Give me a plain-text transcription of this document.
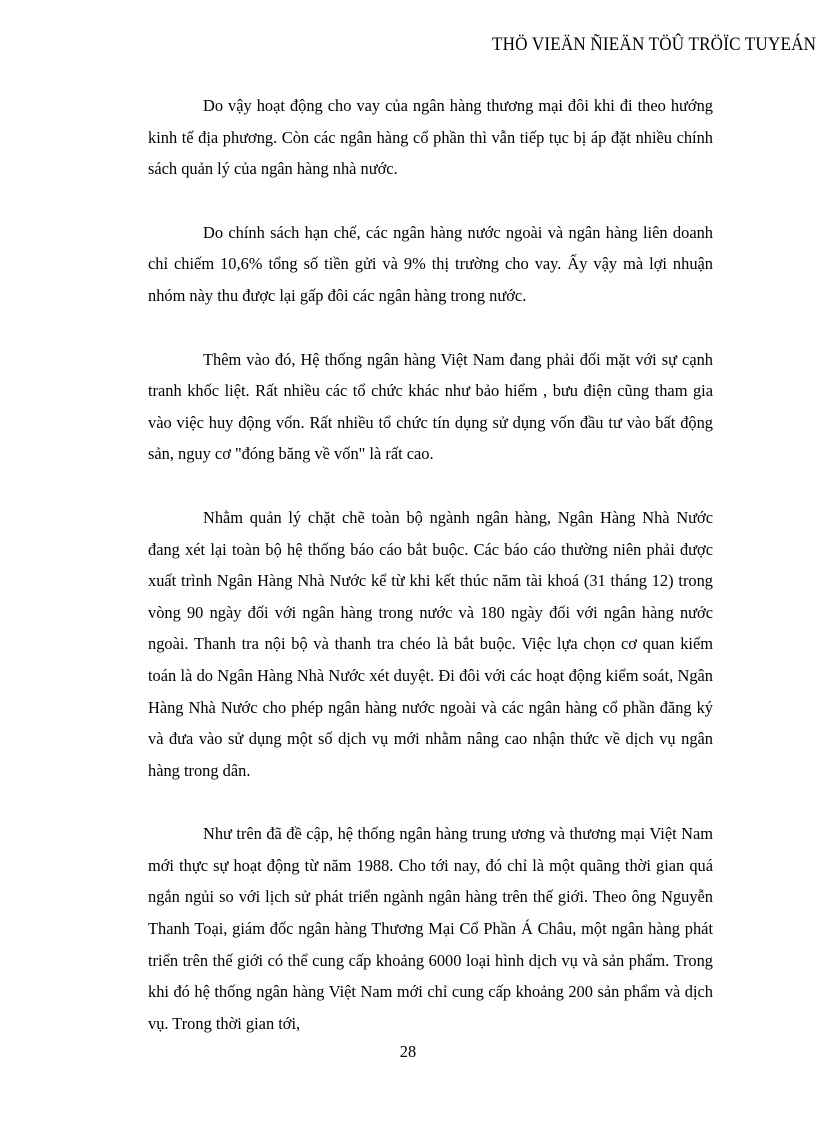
THÖ VIEÄN ÑIEÄN TÖÛ TRÖÏC TUYEÁN

Do vậy hoạt động cho vay của ngân hàng thương mại đôi khi đi theo hướng kinh tế địa phương. Còn các ngân hàng cổ phần thì vẫn tiếp tục bị áp đặt nhiều chính sách quản lý của ngân hàng nhà nước.

Do chính sách hạn chế, các ngân hàng nước ngoài và ngân hàng liên doanh chỉ chiếm 10,6% tổng số tiền gửi và 9% thị trường cho vay. Ấy vậy mà lợi nhuận nhóm này thu được lại gấp đôi các ngân hàng trong nước.

Thêm vào đó, Hệ thống ngân hàng Việt Nam đang phải đối mặt với sự cạnh tranh khốc liệt. Rất nhiều các tổ chức khác như bảo hiểm , bưu điện cũng tham gia vào việc huy động vốn. Rất nhiều tổ chức tín dụng sử dụng vốn đầu tư vào bất động sản, nguy cơ "đóng băng về vốn" là rất cao.

Nhằm quản lý chặt chẽ toàn bộ ngành ngân hàng, Ngân Hàng Nhà Nước đang xét lại toàn bộ hệ thống báo cáo bắt buộc. Các báo cáo thường niên phải được xuất trình Ngân Hàng Nhà Nước kể từ khi kết thúc năm tài khoá (31 tháng 12) trong vòng 90 ngày đối với ngân hàng trong nước và 180 ngày đối với ngân hàng nước ngoài. Thanh tra nội bộ và thanh tra chéo là bắt buộc. Việc lựa chọn cơ quan kiểm toán là do Ngân Hàng Nhà Nước xét duyệt. Đi đôi với các hoạt động kiểm soát, Ngân Hàng Nhà Nước cho phép ngân hàng nước ngoài và các ngân hàng cổ phần đăng ký và đưa vào sử dụng một số dịch vụ mới nhằm nâng cao nhận thức về dịch vụ ngân hàng trong dân.

Như trên đã đề cập, hệ thống ngân hàng trung ương và thương mại Việt Nam mới thực sự hoạt động từ năm 1988. Cho tới nay, đó chỉ là một quãng thời gian quá ngắn ngủi so với lịch sử phát triển ngành ngân hàng trên thế giới. Theo ông Nguyễn Thanh Toại, giám đốc ngân hàng Thương Mại Cổ Phần Á Châu, một ngân hàng phát triển trên thế giới có thể cung cấp khoảng 6000 loại hình dịch vụ và sản phẩm. Trong khi đó hệ thống ngân hàng Việt Nam mới chỉ cung cấp khoảng 200 sản phẩm và dịch vụ. Trong thời gian tới,

28
